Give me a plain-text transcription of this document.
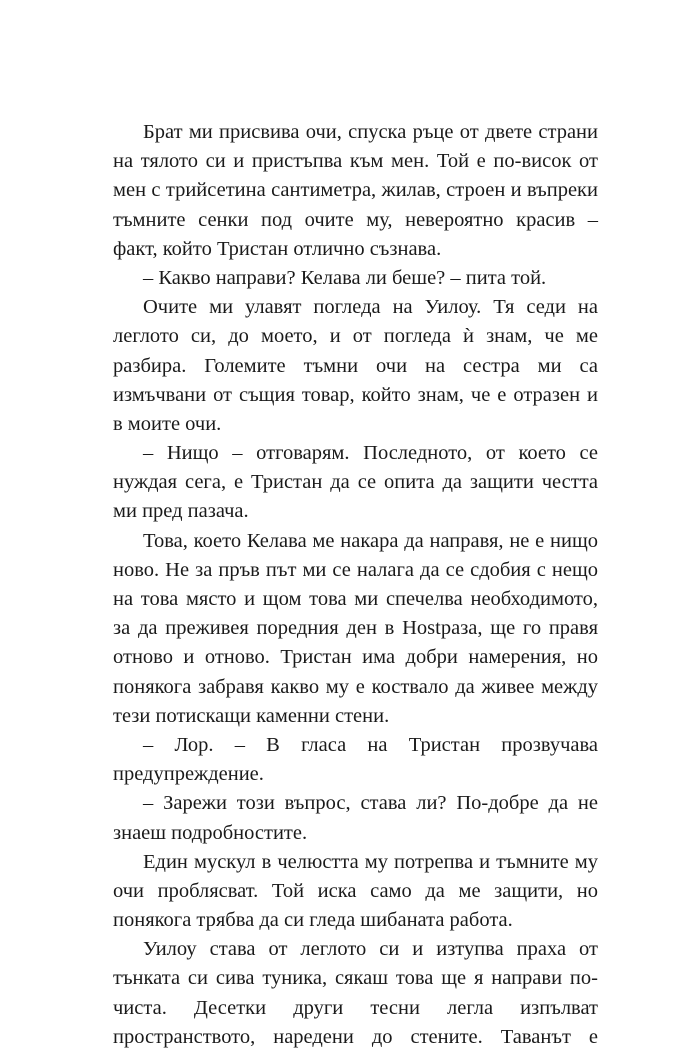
Брат ми присвива очи, спуска ръце от двете страни
на тялото си и пристъпва към мен. Той е по-висок от
мен с трийсетина сантиметра, жилав, строен и въпреки
тъмните сенки под очите му, невероятно красив –
факт, който Тристан отлично съзнава.
– Какво направи? Келава ли беше? – пита той.
Очите ми улавят погледа на Уилоу. Тя седи на
леглото си, до моето, и от погледа ѝ знам, че ме
разбира. Големите тъмни очи на сестра ми са
измъчвани от същия товар, който знам, че е отразен и
в моите очи.
– Нищо – отговарям. Последното, от което се
нуждая сега, е Тристан да се опита да защити честта
ми пред пазача.
Това, което Келава ме накара да направя, не е нищо
ново. Не за пръв път ми се налага да се сдобия с нещо
на това място и щом това ми спечелва необходимото,
за да преживея поредния ден в Нostраза, ще го правя
отново и отново. Тристан има добри намерения, но
понякога забравя какво му е коствало да живее между
тези потискащи каменни стени.
– Лор. – В гласа на Тристан прозвучава
предупреждение.
– Зарежи този въпрос, става ли? По-добре да не
знаеш подробностите.
Един мускул в челюстта му потрепва и тъмните му
очи проблясват. Той иска само да ме защити, но
понякога трябва да си гледа шибаната работа.
Уилоу става от леглото си и изтупва праха от
тънката си сива туника, сякаш това ще я направи по-
чиста. Десетки други тесни легла изпълват
пространството, наредени до стените. Таванът е
